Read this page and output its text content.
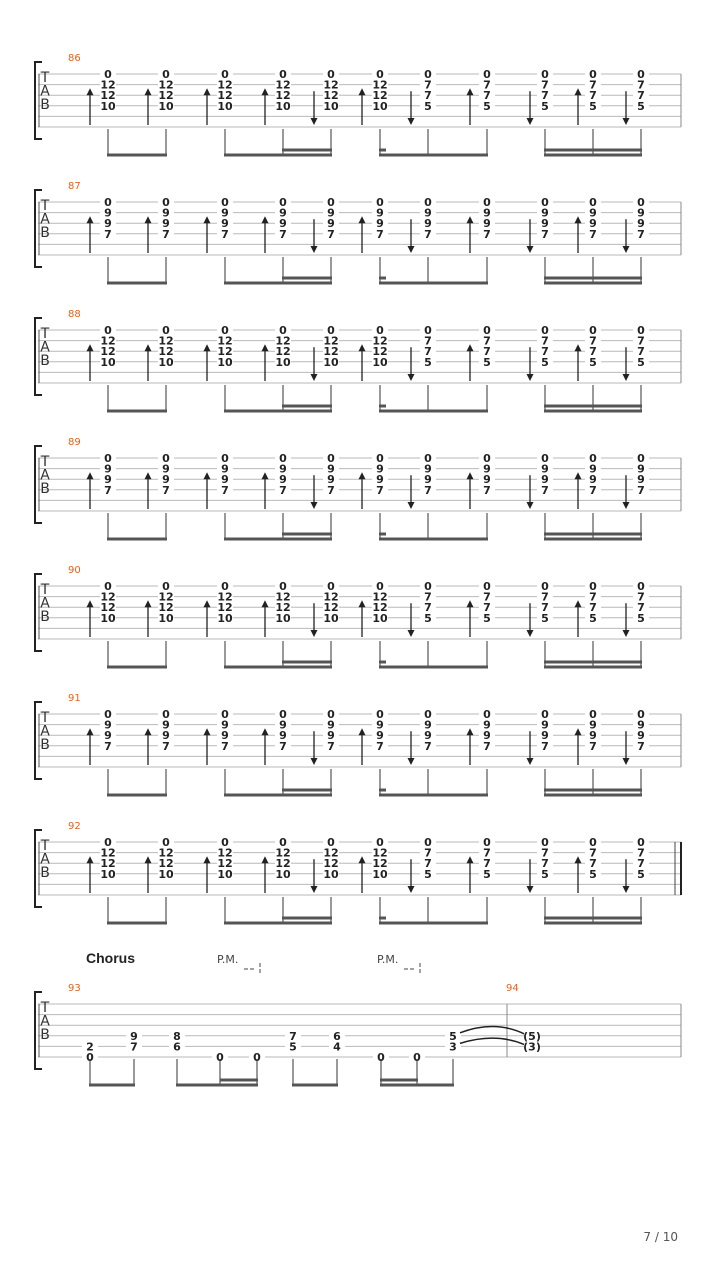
T
A
B
86
0
12
12
10
0
12
12
10
0
12
12
10
0
12
12
10
0
12
12
10
0
12
12
10
0
7
7
5
0
7
7
5
0
7
7
5
0
7
7
5
0
7
7
5
T
A
B
87
0
9
9
7
0
9
9
7
0
9
9
7
0
9
9
7
0
9
9
7
0
9
9
7
0
9
9
7
0
9
9
7
0
9
9
7
0
9
9
7
0
9
9
7
T
A
B
88
0
12
12
10
0
12
12
10
0
12
12
10
0
12
12
10
0
12
12
10
0
12
12
10
0
7
7
5
0
7
7
5
0
7
7
5
0
7
7
5
0
7
7
5
T
A
B
89
0
9
9
7
0
9
9
7
0
9
9
7
0
9
9
7
0
9
9
7
0
9
9
7
0
9
9
7
0
9
9
7
0
9
9
7
0
9
9
7
0
9
9
7
T
A
B
90
0
12
12
10
0
12
12
10
0
12
12
10
0
12
12
10
0
12
12
10
0
12
12
10
0
7
7
5
0
7
7
5
0
7
7
5
0
7
7
5
0
7
7
5
T
A
B
91
0
9
9
7
0
9
9
7
0
9
9
7
0
9
9
7
0
9
9
7
0
9
9
7
0
9
9
7
0
9
9
7
0
9
9
7
0
9
9
7
0
9
9
7
T
A
B
92
0
12
12
10
0
12
12
10
0
12
12
10
0
12
12
10
0
12
12
10
0
12
12
10
0
7
7
5
0
7
7
5
0
7
7
5
0
7
7
5
0
7
7
5
T
A
B
Chorus	P.M.	P.M.
94
93
2
0
9
7
8
6
0	0
7
5
6
4
0	0
5
3
(5)
(3)
7 / 10
